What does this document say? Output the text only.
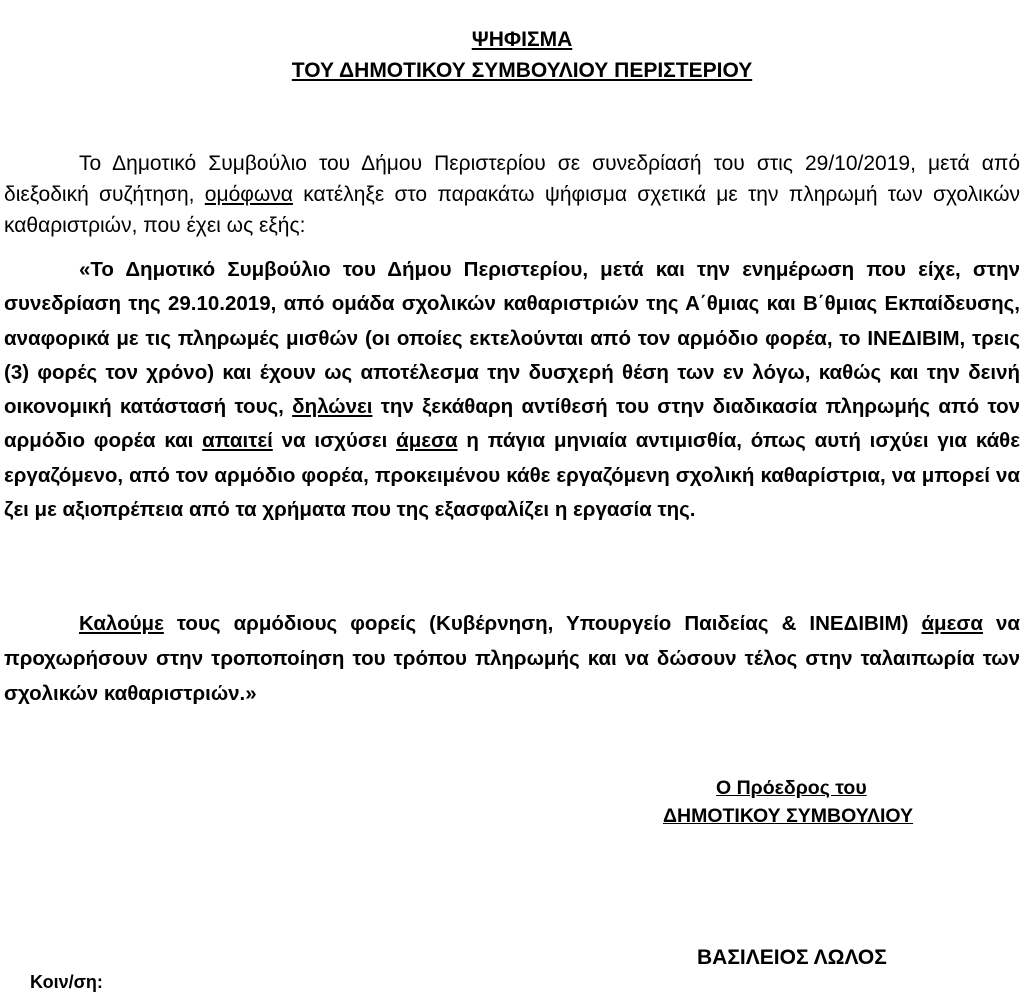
ΨΗΦΙΣΜΑ
ΤΟΥ ΔΗΜΟΤΙΚΟΥ ΣΥΜΒΟΥΛΙΟΥ ΠΕΡΙΣΤΕΡΙΟΥ
Το Δημοτικό Συμβούλιο του Δήμου Περιστερίου σε συνεδρίασή του στις 29/10/2019, μετά από διεξοδική συζήτηση, ομόφωνα κατέληξε στο παρακάτω ψήφισμα σχετικά με την πληρωμή των σχολικών καθαριστριών, που έχει ως εξής:
«Το Δημοτικό Συμβούλιο του Δήμου Περιστερίου, μετά και την ενημέρωση που είχε, στην συνεδρίαση της 29.10.2019, από ομάδα σχολικών καθαριστριών της Α΄θμιας και Β΄θμιας Εκπαίδευσης, αναφορικά με τις πληρωμές μισθών (οι οποίες εκτελούνται από τον αρμόδιο φορέα, το ΙΝΕΔΙΒΙΜ, τρεις (3) φορές τον χρόνο) και έχουν ως αποτέλεσμα την δυσχερή θέση των εν λόγω, καθώς και την δεινή οικονομική κατάστασή τους, δηλώνει την ξεκάθαρη αντίθεσή του στην διαδικασία πληρωμής από τον αρμόδιο φορέα και απαιτεί να ισχύσει άμεσα η πάγια μηνιαία αντιμισθία, όπως αυτή ισχύει για κάθε εργαζόμενο, από τον αρμόδιο φορέα, προκειμένου κάθε εργαζόμενη σχολική καθαρίστρια, να μπορεί να ζει με αξιοπρέπεια από τα χρήματα που της εξασφαλίζει η εργασία της.
Καλούμε τους αρμόδιους φορείς (Κυβέρνηση, Υπουργείο Παιδείας & ΙΝΕΔΙΒΙΜ) άμεσα να προχωρήσουν στην τροποποίηση του τρόπου πληρωμής και να δώσουν τέλος στην ταλαιπωρία των σχολικών καθαριστριών.»
Ο Πρόεδρος του
ΔΗΜΟΤΙΚΟΥ ΣΥΜΒΟΥΛΙΟΥ
ΒΑΣΙΛΕΙΟΣ ΛΩΛΟΣ
Κοιν/ση:
